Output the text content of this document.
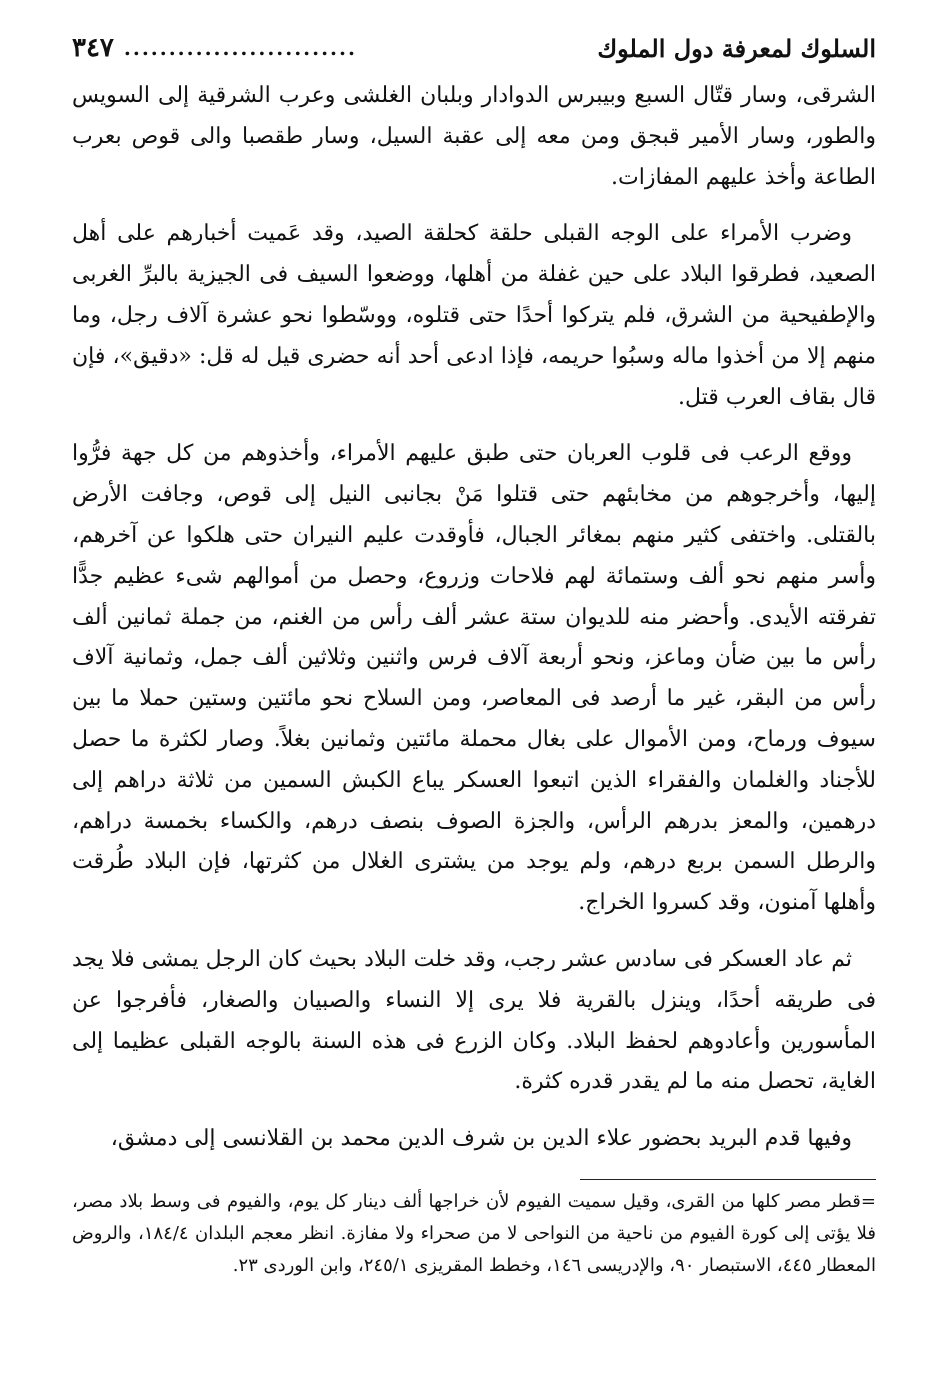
٣٤٧ ..........................	السلوك لمعرفة دول الملوك

الشرقى، وسار قتّال السبع وبيبرس الدوادار وبلبان الغلشى وعرب الشرقية إلى السويس والطور، وسار الأمير قبجق ومن معه إلى عقبة السيل، وسار طقصبا والى قوص بعرب الطاعة وأخذ عليهم المفازات.

وضرب الأمراء على الوجه القبلى حلقة كحلقة الصيد، وقد عَميت أخبارهم على أهل الصعيد، فطرقوا البلاد على حين غفلة من أهلها، ووضعوا السيف فى الجيزية بالبرِّ الغربى والإطفيحية من الشرق، فلم يتركوا أحدًا حتى قتلوه، ووسّطوا نحو عشرة آلاف رجل، وما منهم إلا من أخذوا ماله وسبُوا حريمه، فإذا ادعى أحد أنه حضرى قيل له قل: «دقيق»، فإن قال بقاف العرب قتل.

ووقع الرعب فى قلوب العربان حتى طبق عليهم الأمراء، وأخذوهم من كل جهة فرُّوا إليها، وأخرجوهم من مخابئهم حتى قتلوا مَنْ بجانبى النيل إلى قوص، وجافت الأرض بالقتلى. واختفى كثير منهم بمغائر الجبال، فأوقدت عليم النيران حتى هلكوا عن آخرهم، وأسر منهم نحو ألف وستمائة لهم فلاحات وزروع، وحصل من أموالهم شىء عظيم جدًّا تفرقته الأيدى. وأحضر منه للديوان ستة عشر ألف رأس من الغنم، من جملة ثمانين ألف رأس ما بين ضأن وماعز، ونحو أربعة آلاف فرس واثنين وثلاثين ألف جمل، وثمانية آلاف رأس من البقر، غير ما أرصد فى المعاصر، ومن السلاح نحو مائتين وستين حملا ما بين سيوف ورماح، ومن الأموال على بغال محملة مائتين وثمانين بغلاً. وصار لكثرة ما حصل للأجناد والغلمان والفقراء الذين اتبعوا العسكر يباع الكبش السمين من ثلاثة دراهم إلى درهمين، والمعز بدرهم الرأس، والجزة الصوف بنصف درهم، والكساء بخمسة دراهم، والرطل السمن بربع درهم، ولم يوجد من يشترى الغلال من كثرتها، فإن البلاد طُرقت وأهلها آمنون، وقد كسروا الخراج.

ثم عاد العسكر فى سادس عشر رجب، وقد خلت البلاد بحيث كان الرجل يمشى فلا يجد فى طريقه أحدًا، وينزل بالقرية فلا يرى إلا النساء والصبيان والصغار، فأفرجوا عن المأسورين وأعادوهم لحفظ البلاد. وكان الزرع فى هذه السنة بالوجه القبلى عظيما إلى الغاية، تحصل منه ما لم يقدر قدره كثرة.

وفيها قدم البريد بحضور علاء الدين بن شرف الدين محمد بن القلانسى إلى دمشق،

=قطر مصر كلها من القرى، وقيل سميت الفيوم لأن خراجها ألف دينار كل يوم، والفيوم فى وسط بلاد مصر، فلا يؤتى إلى كورة الفيوم من ناحية من النواحى لا من صحراء ولا مفازة. انظر معجم البلدان ١٨٤/٤، والروض المعطار ٤٤٥، الاستبصار ٩٠، والإدريسى ١٤٦، وخطط المقريزى ٢٤٥/١، وابن الوردى ٢٣.
